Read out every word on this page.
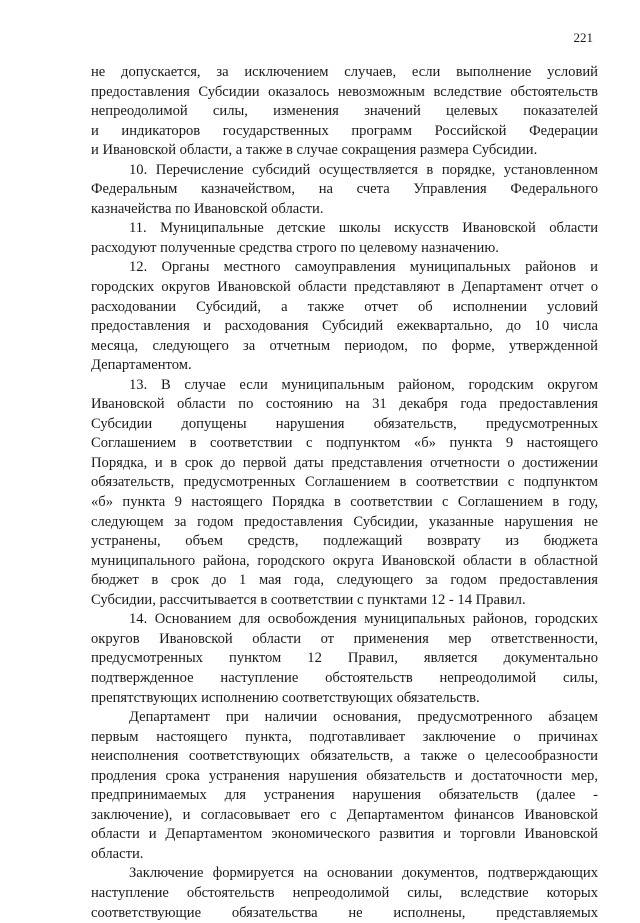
221
не допускается, за исключением случаев, если выполнение условий
предоставления Субсидии оказалось невозможным вследствие обстоятельств
непреодолимой силы, изменения значений целевых показателей
и индикаторов государственных программ Российской Федерации
и Ивановской области, а также в случае сокращения размера Субсидии.
10. Перечисление субсидий осуществляется в порядке, установленном
Федеральным казначейством, на счета Управления Федерального
казначейства по Ивановской области.
11. Муниципальные детские школы искусств Ивановской области
расходуют полученные средства строго по целевому назначению.
12. Органы местного самоуправления муниципальных районов и
городских округов Ивановской области представляют в Департамент отчет о
расходовании Субсидий, а также отчет об исполнении условий
предоставления и расходования Субсидий ежеквартально, до 10 числа
месяца, следующего за отчетным периодом, по форме, утвержденной
Департаментом.
13. В случае если муниципальным районом, городским округом
Ивановской области по состоянию на 31 декабря года предоставления
Субсидии допущены нарушения обязательств, предусмотренных
Соглашением в соответствии с подпунктом «б» пункта 9 настоящего
Порядка, и в срок до первой даты представления отчетности о достижении
обязательств, предусмотренных Соглашением в соответствии с подпунктом
«б» пункта 9 настоящего Порядка в соответствии с Соглашением в году,
следующем за годом предоставления Субсидии, указанные нарушения не
устранены, объем средств, подлежащий возврату из бюджета
муниципального района, городского округа Ивановской области в областной
бюджет в срок до 1 мая года, следующего за годом предоставления
Субсидии, рассчитывается в соответствии с пунктами 12 - 14 Правил.
14. Основанием для освобождения муниципальных районов, городских
округов Ивановской области от применения мер ответственности,
предусмотренных пунктом 12 Правил, является документально
подтвержденное наступление обстоятельств непреодолимой силы,
препятствующих исполнению соответствующих обязательств.
Департамент при наличии основания, предусмотренного абзацем
первым настоящего пункта, подготавливает заключение о причинах
неисполнения соответствующих обязательств, а также о целесообразности
продления срока устранения нарушения обязательств и достаточности мер,
предпринимаемых для устранения нарушения обязательств (далее -
заключение), и согласовывает его с Департаментом финансов Ивановской
области и Департаментом экономического развития и торговли Ивановской
области.
Заключение формируется на основании документов, подтверждающих
наступление обстоятельств непреодолимой силы, вследствие которых
соответствующие обязательства не исполнены, представляемых
